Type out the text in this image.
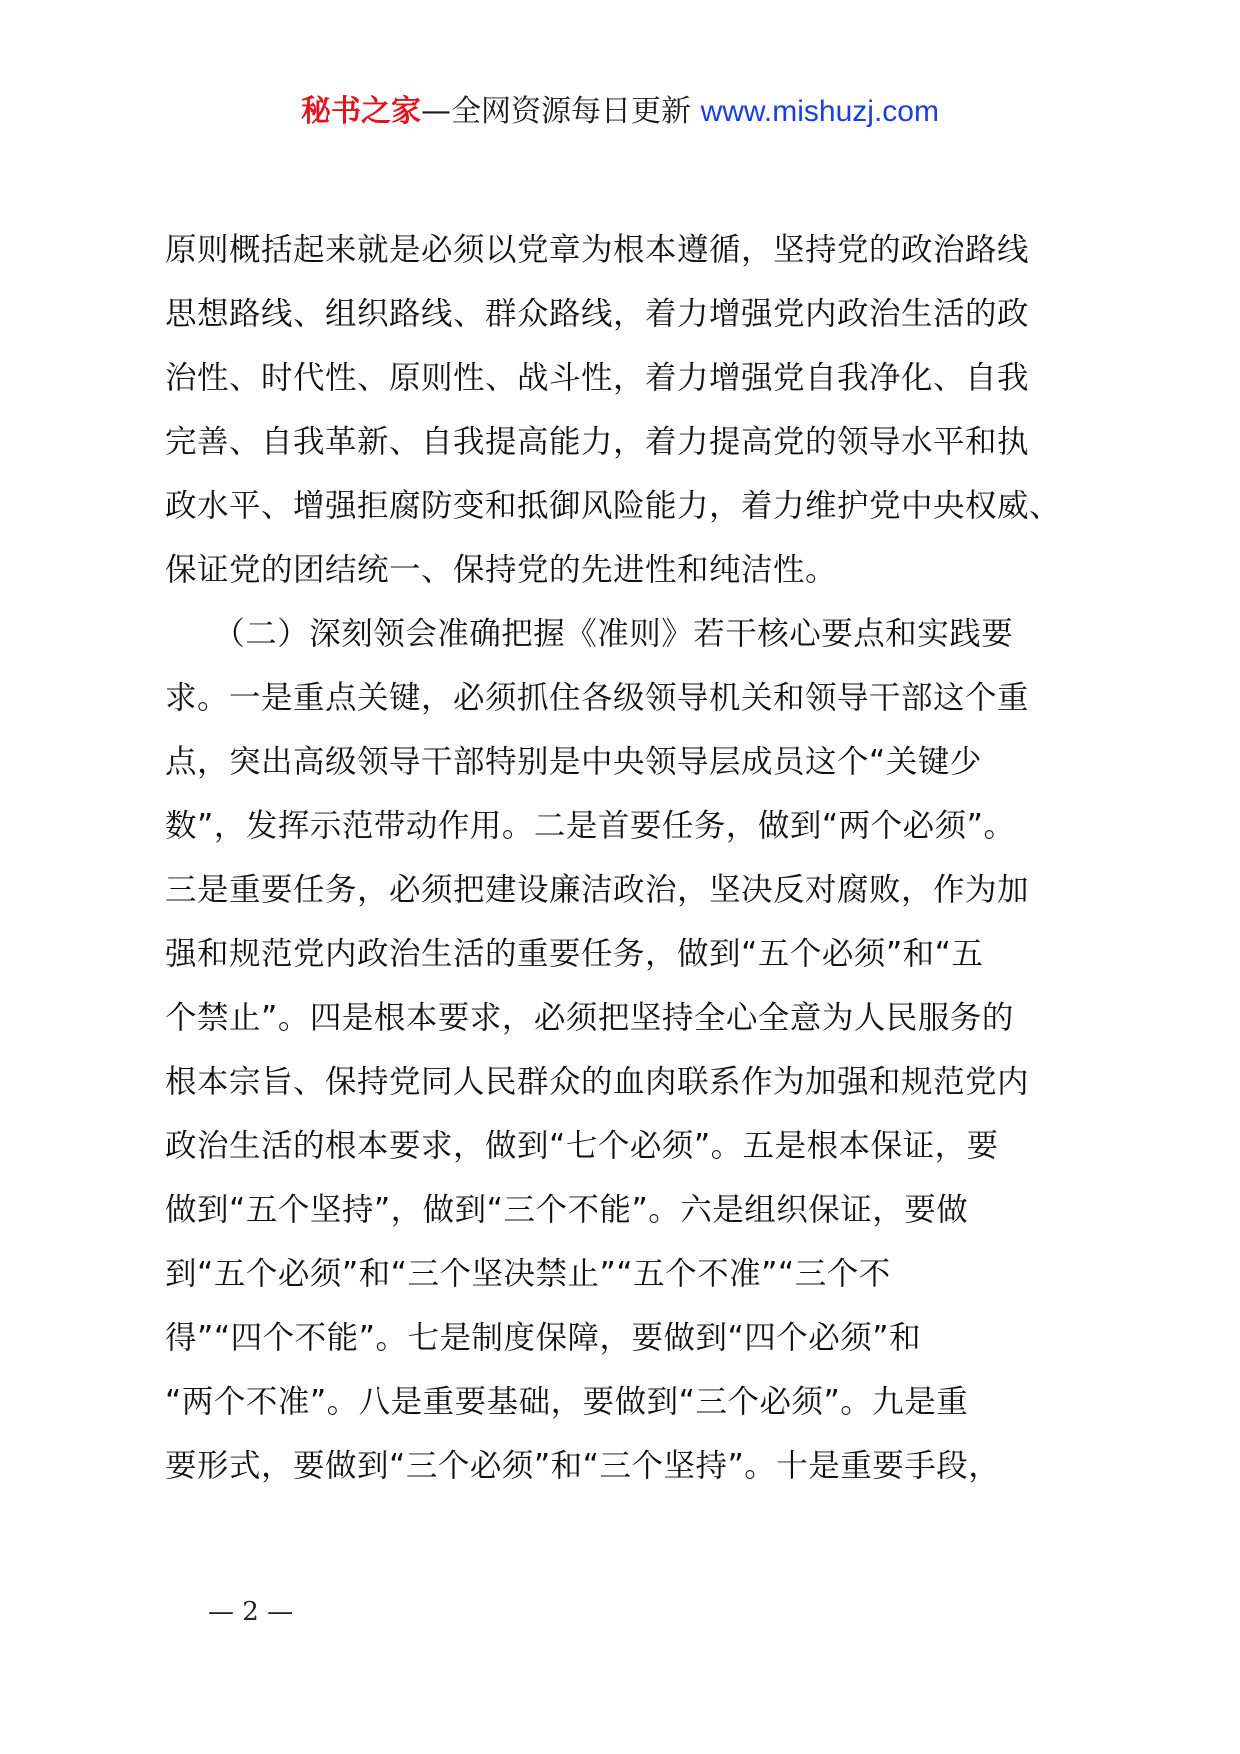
秘书之家—全网资源每日更新 www.mishuzj.com
原则概括起来就是必须以党章为根本遵循，坚持党的政治路线
思想路线、组织路线、群众路线，着力增强党内政治生活的政
治性、时代性、原则性、战斗性，着力增强党自我净化、自我
完善、自我革新、自我提高能力，着力提高党的领导水平和执
政水平、增强拒腐防变和抵御风险能力，着力维护党中央权威、
保证党的团结统一、保持党的先进性和纯洁性。
　　（二）深刻领会准确把握《准则》若干核心要点和实践要
求。一是重点关键，必须抓住各级领导机关和领导干部这个重
点，突出高级领导干部特别是中央领导层成员这个“关键少
数”，发挥示范带动作用。二是首要任务，做到“两个必须”。
三是重要任务，必须把建设廉洁政治，坚决反对腐败，作为加
强和规范党内政治生活的重要任务，做到“五个必须”和“五
个禁止”。四是根本要求，必须把坚持全心全意为人民服务的
根本宗旨、保持党同人民群众的血肉联系作为加强和规范党内
政治生活的根本要求，做到“七个必须”。五是根本保证，要
做到“五个坚持”，做到“三个不能”。六是组织保证，要做
到“五个必须”和“三个坚决禁止”“五个不准”“三个不
得”“四个不能”。七是制度保障，要做到“四个必须”和
“两个不准”。八是重要基础，要做到“三个必须”。九是重
要形式，要做到“三个必须”和“三个坚持”。十是重要手段，
— 2 —
